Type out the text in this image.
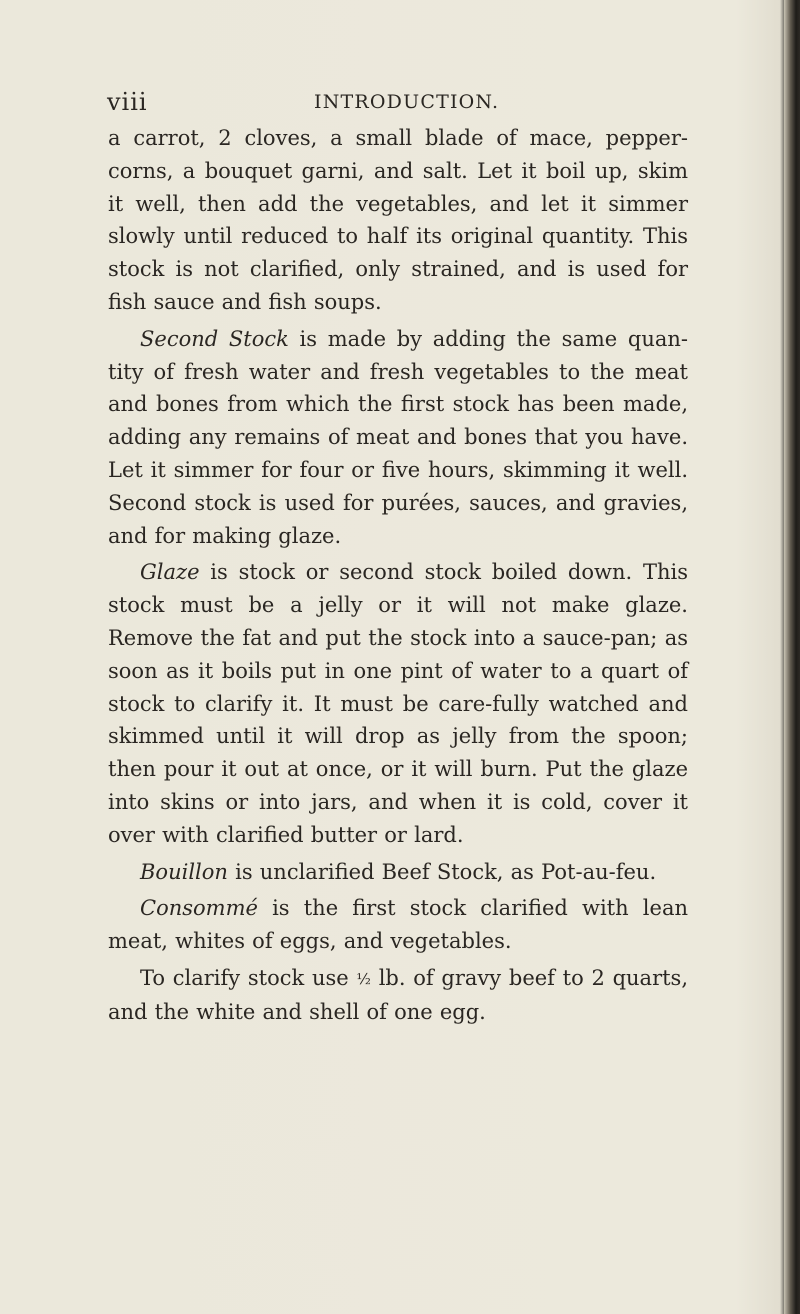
viii	INTRODUCTION.

a carrot, 2 cloves, a small blade of mace, pepper-corns, a bouquet garni, and salt. Let it boil up, skim it well, then add the vegetables, and let it simmer slowly until reduced to half its original quantity. This stock is not clarified, only strained, and is used for fish sauce and fish soups.

Second Stock is made by adding the same quan-tity of fresh water and fresh vegetables to the meat and bones from which the first stock has been made, adding any remains of meat and bones that you have. Let it simmer for four or five hours, skimming it well. Second stock is used for purées, sauces, and gravies, and for making glaze.

Glaze is stock or second stock boiled down. This stock must be a jelly or it will not make glaze. Remove the fat and put the stock into a sauce-pan; as soon as it boils put in one pint of water to a quart of stock to clarify it. It must be care-fully watched and skimmed until it will drop as jelly from the spoon; then pour it out at once, or it will burn. Put the glaze into skins or into jars, and when it is cold, cover it over with clarified butter or lard.

Bouillon is unclarified Beef Stock, as Pot-au-feu.

Consommé is the first stock clarified with lean meat, whites of eggs, and vegetables.

To clarify stock use ½ lb. of gravy beef to 2 quarts, and the white and shell of one egg.
